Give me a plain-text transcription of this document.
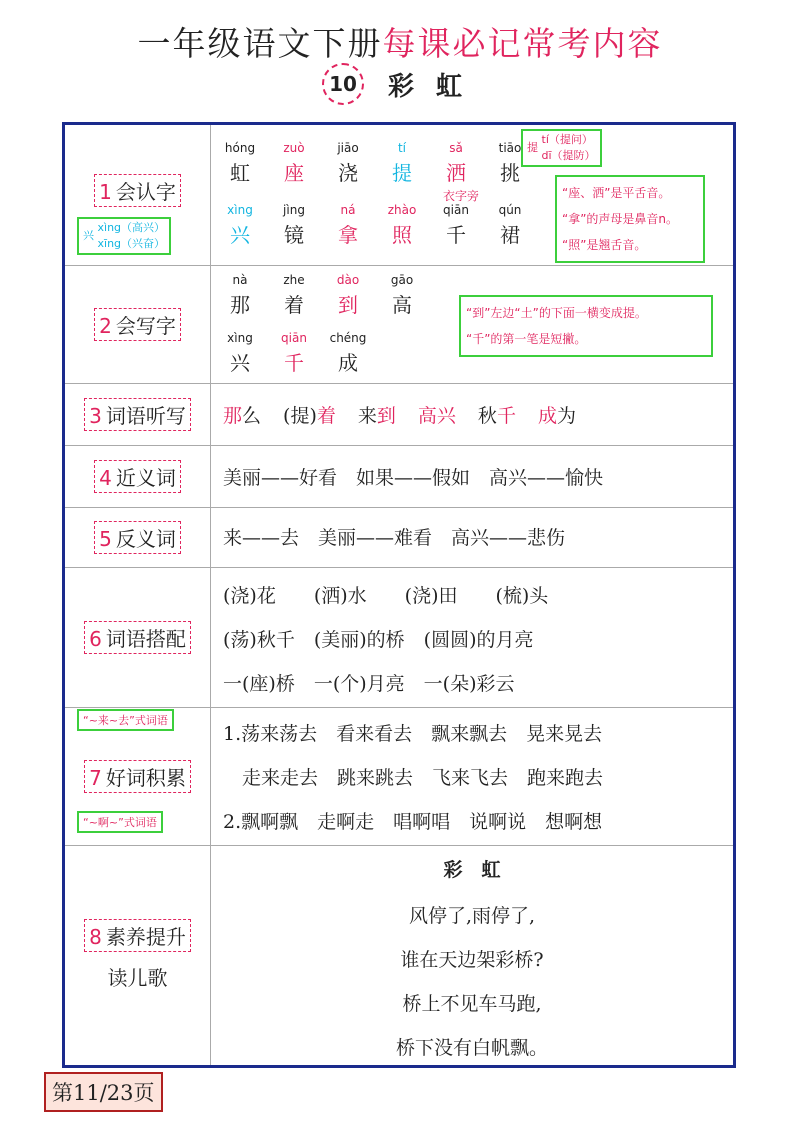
一年级语文下册每课必记常考内容
10 彩虹
1 会认字
hóng
虹
zuò
座
jiāo
浇
tí
提
sǎ
洒
tiāo
挑
xìng
兴
jìng
镜
ná
拿
zhào
照
qiān
千
qún
裙
衣字旁	“座、洒”是平舌音。
“拿”的声母是鼻音n。
“照”是翘舌音。
提
tí（提问）
dī（提防）
兴
xìng（高兴）
xīng（兴奋）
2 会写字
nà
那
zhe
着
dào
到
gāo
高
xìng
兴
qiān
千
chéng
成
“到”左边“土”的下面一横变成提。
“千”的第一笔是短撇。
3 词语听写 那么 (提)着 来到 高兴 秋千 成为
4 近义词 美丽——好看　如果——假如　高兴——愉快
5 反义词 来——去　美丽——难看　高兴——悲伤
6 词语搭配
(浇)花　　(洒)水　　(浇)田　　(梳)头
(荡)秋千　(美丽)的桥　(圆圆)的月亮
一(座)桥　一(个)月亮　一(朵)彩云
7 好词积累
“~来~去”式词语
“~啊~”式词语
1.荡来荡去　看来看去　飘来飘去　晃来晃去
　走来走去　跳来跳去　飞来飞去　跑来跑去
2.飘啊飘　走啊走　唱啊唱　说啊说　想啊想
8 素养提升
读儿歌
彩　虹
风停了,雨停了,
谁在天边架彩桥?
桥上不见车马跑,
桥下没有白帆飘。
第11/23页
